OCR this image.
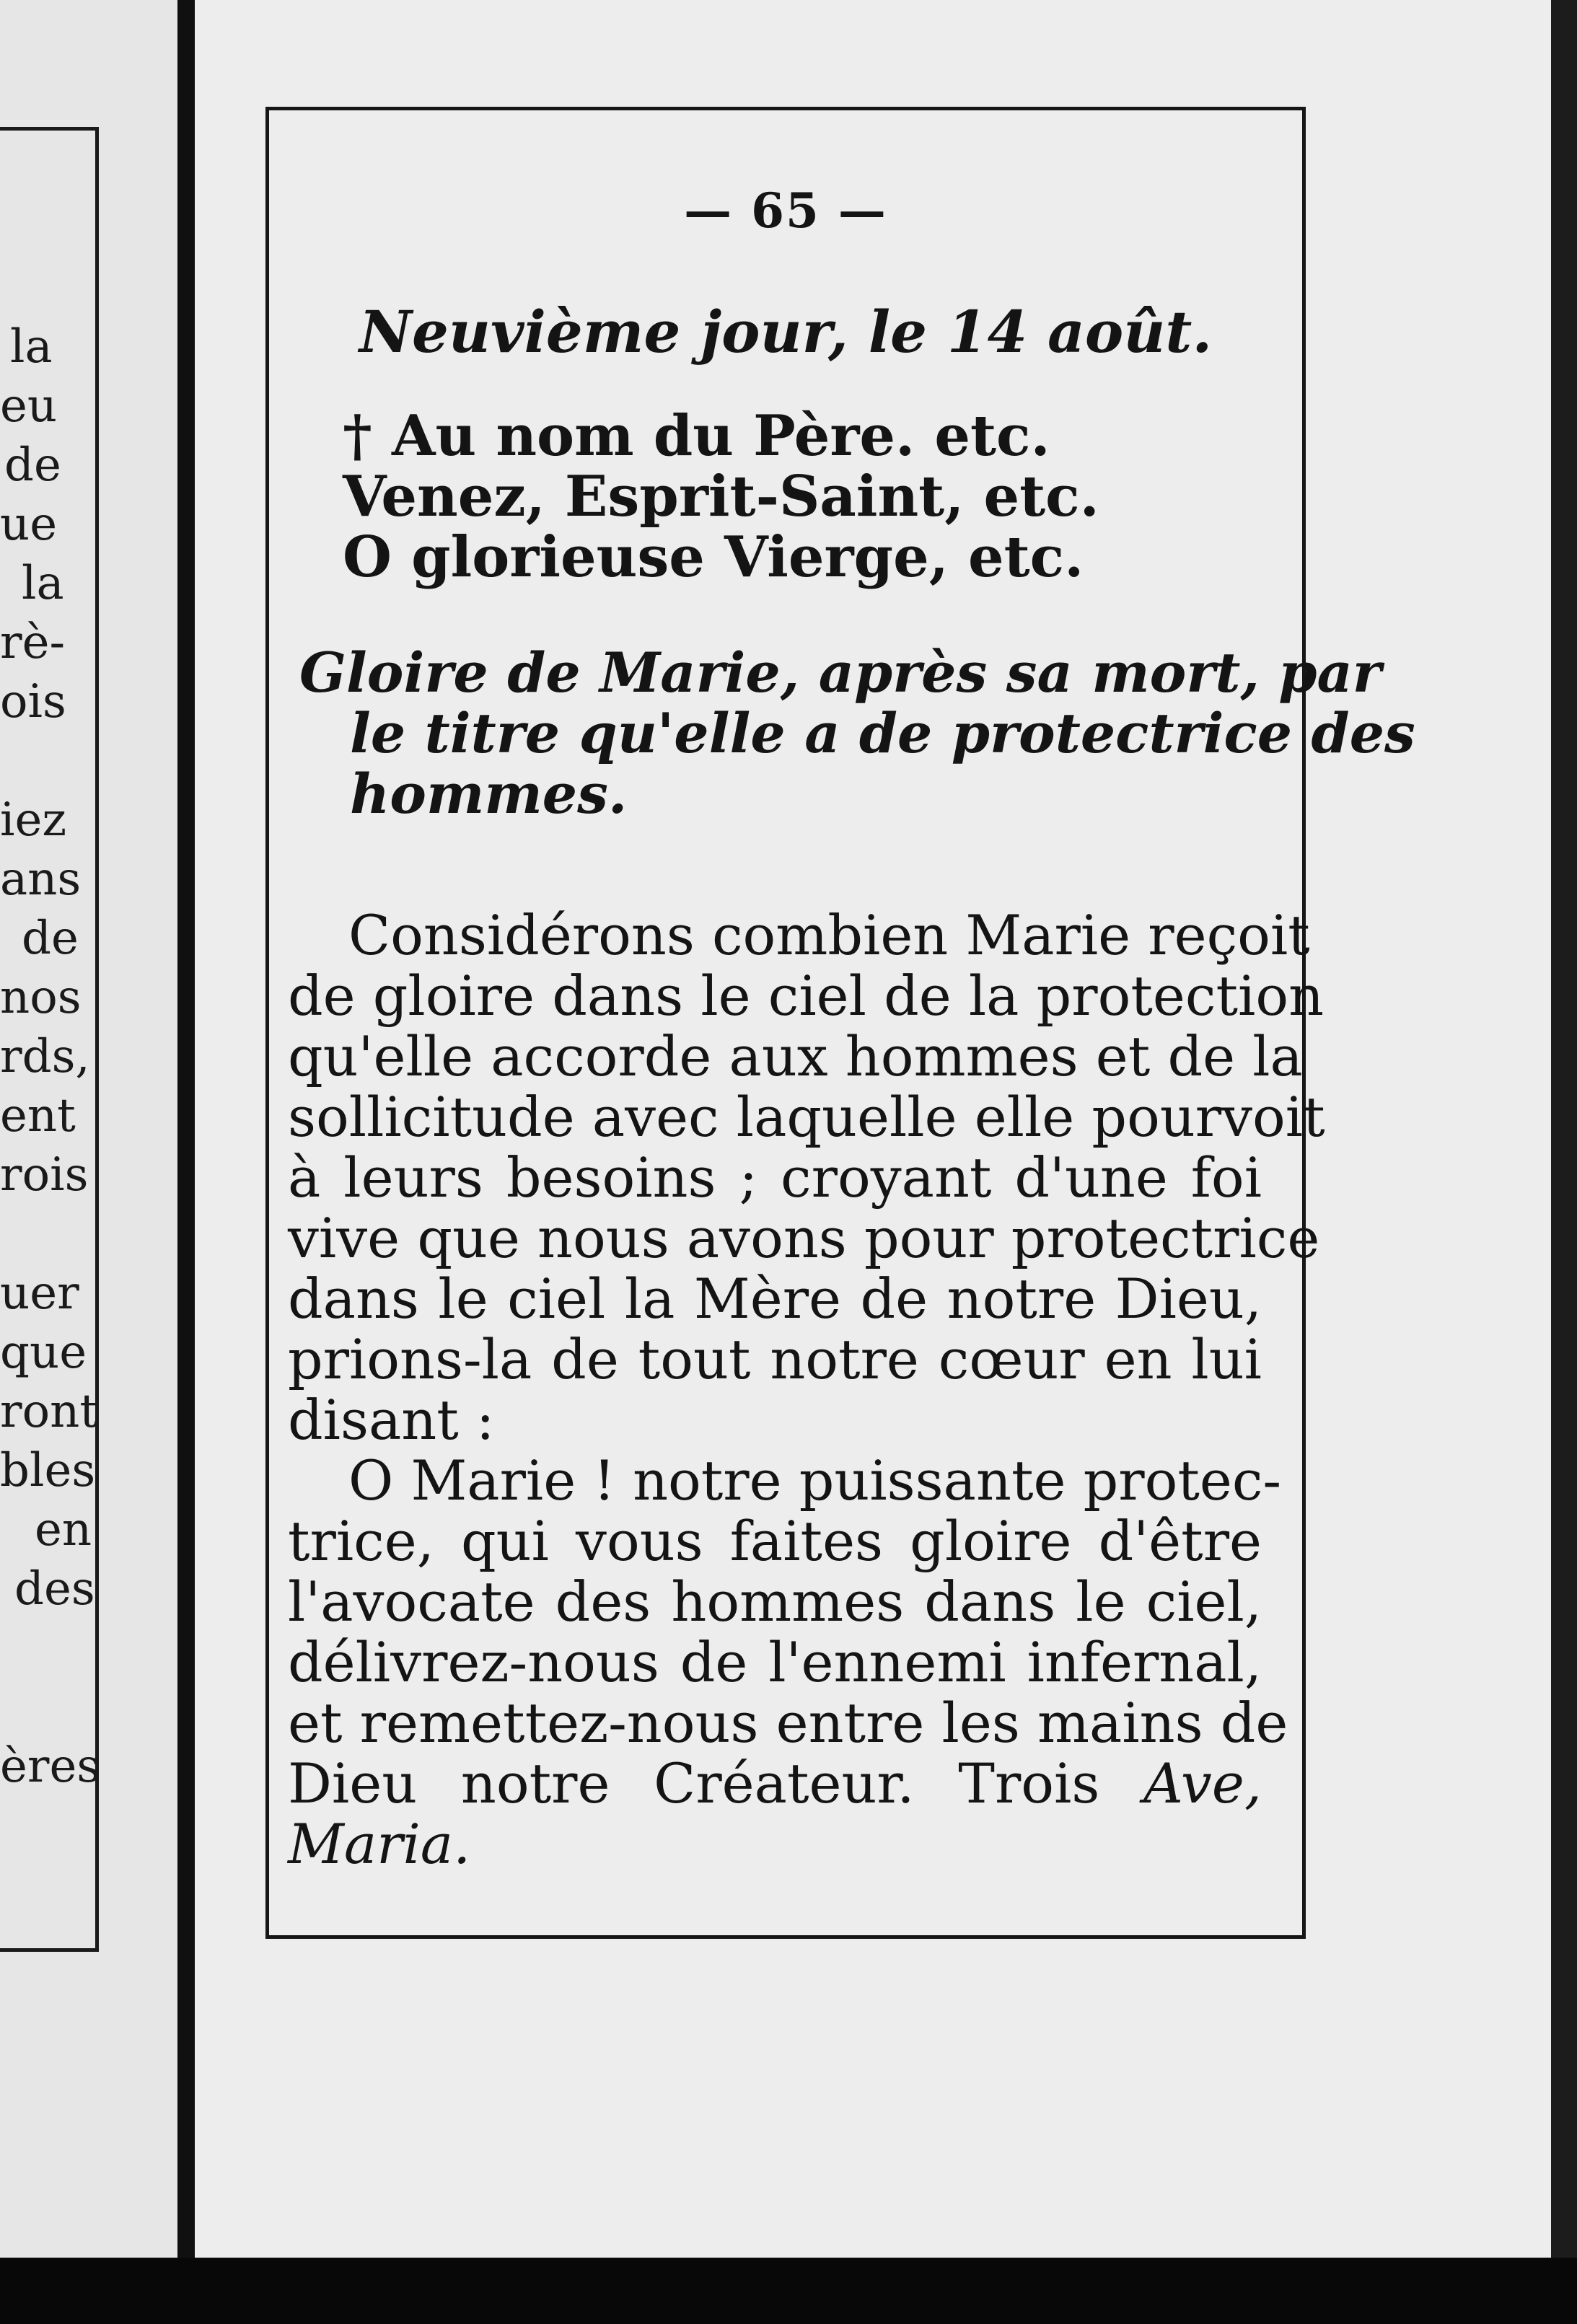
la
eu
de
ue
la
rè-
ois
iez
ans
de
nos
rds,
ent
rois
uer
que
ront
bles
en
des
ères
— 65 —
Neuvième jour, le 14 août.
† Au nom du Père. etc.
Venez, Esprit-Saint, etc.
O glorieuse Vierge, etc.
Gloire de Marie, après sa mort, par
le titre qu'elle a de protectrice des
hommes.
Considérons combien Marie reçoit
de gloire dans le ciel de la protection
qu'elle accorde aux hommes et de la
sollicitude avec laquelle elle pourvoit
à leurs besoins ; croyant d'une foi
vive que nous avons pour protectrice
dans le ciel la Mère de notre Dieu,
prions-la de tout notre cœur en lui
disant :
O Marie ! notre puissante protec-
trice, qui vous faites gloire d'être
l'avocate des hommes dans le ciel,
délivrez-nous de l'ennemi infernal,
et remettez-nous entre les mains de
Dieu notre Créateur. Trois Ave,
Maria.
